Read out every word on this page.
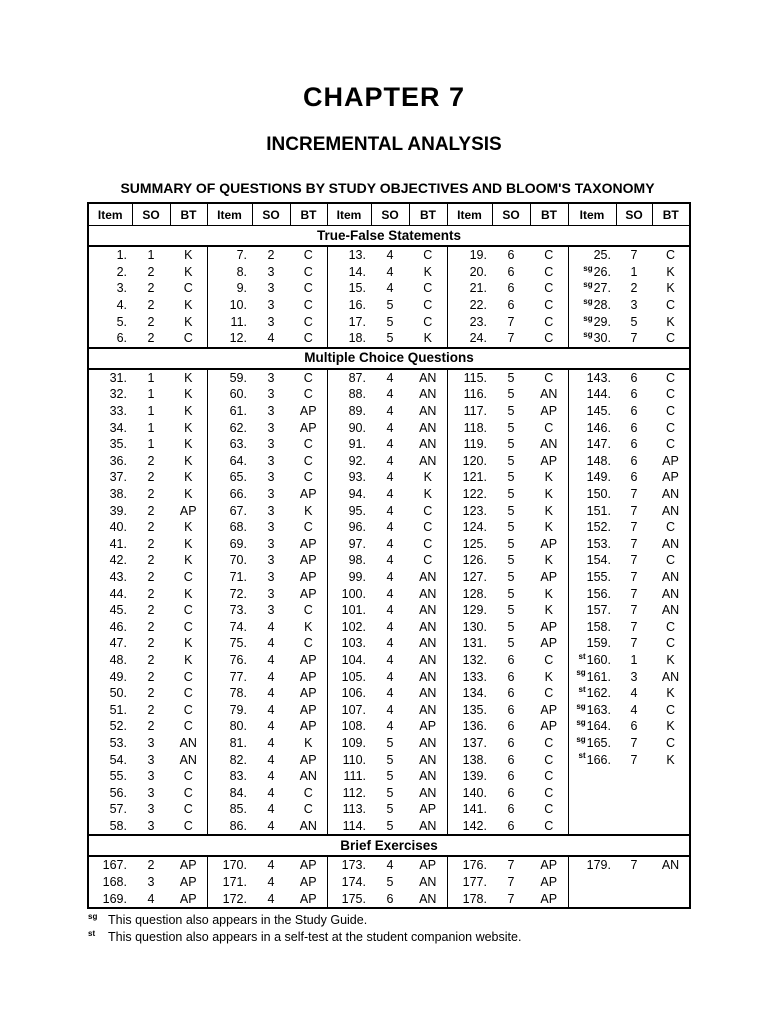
CHAPTER 7
INCREMENTAL ANALYSIS
SUMMARY OF QUESTIONS BY STUDY OBJECTIVES AND BLOOM'S TAXONOMY
Item	SO	BT	Item	SO	BT	Item	SO	BT	Item	SO	BT	Item	SO	BT
True-False Statements														
1.	1	K	7.	2	C	13.	4	C	19.	6	C	25.	7	C
2.	2	K	8.	3	C	14.	4	K	20.	6	C	$^{sg}$26.	1	K
3.	2	C	9.	3	C	15.	4	C	21.	6	C	$^{sg}$27.	2	K
4.	2	K	10.	3	C	16.	5	C	22.	6	C	$^{sg}$28.	3	C
5.	2	K	11.	3	C	17.	5	C	23.	7	C	$^{sg}$29.	5	K
6.	2	C	12.	4	C	18.	5	K	24.	7	C	$^{sg}$30.	7	C
Multiple Choice Questions														
31.	1	K	59.	3	C	87.	4	AN	115.	5	C	143.	6	C
32.	1	K	60.	3	C	88.	4	AN	116.	5	AN	144.	6	C
33.	1	K	61.	3	AP	89.	4	AN	117.	5	AP	145.	6	C
34.	1	K	62.	3	AP	90.	4	AN	118.	5	C	146.	6	C
35.	1	K	63.	3	C	91.	4	AN	119.	5	AN	147.	6	C
36.	2	K	64.	3	C	92.	4	AN	120.	5	AP	148.	6	AP
37.	2	K	65.	3	C	93.	4	K	121.	5	K	149.	6	AP
38.	2	K	66.	3	AP	94.	4	K	122.	5	K	150.	7	AN
39.	2	AP	67.	3	K	95.	4	C	123.	5	K	151.	7	AN
40.	2	K	68.	3	C	96.	4	C	124.	5	K	152.	7	C
41.	2	K	69.	3	AP	97.	4	C	125.	5	AP	153.	7	AN
42.	2	K	70.	3	AP	98.	4	C	126.	5	K	154.	7	C
43.	2	C	71.	3	AP	99.	4	AN	127.	5	AP	155.	7	AN
44.	2	K	72.	3	AP	100.	4	AN	128.	5	K	156.	7	AN
45.	2	C	73.	3	C	101.	4	AN	129.	5	K	157.	7	AN
46.	2	C	74.	4	K	102.	4	AN	130.	5	AP	158.	7	C
47.	2	K	75.	4	C	103.	4	AN	131.	5	AP	159.	7	C
48.	2	K	76.	4	AP	104.	4	AN	132.	6	C	$^{st}$160.	1	K
49.	2	C	77.	4	AP	105.	4	AN	133.	6	K	$^{sg}$161.	3	AN
50.	2	C	78.	4	AP	106.	4	AN	134.	6	C	$^{st}$162.	4	K
51.	2	C	79.	4	AP	107.	4	AN	135.	6	AP	$^{sg}$163.	4	C
52.	2	C	80.	4	AP	108.	4	AP	136.	6	AP	$^{sg}$164.	6	K
53.	3	AN	81.	4	K	109.	5	AN	137.	6	C	$^{sg}$165.	7	C
54.	3	AN	82.	4	AP	110.	5	AN	138.	6	C	$^{st}$166.	7	K
55.	3	C	83.	4	AN	111.	5	AN	139.	6	C			
56.	3	C	84.	4	C	112.	5	AN	140.	6	C			
57.	3	C	85.	4	C	113.	5	AP	141.	6	C			
58.	3	C	86.	4	AN	114.	5	AN	142.	6	C			
Brief Exercises														
167.	2	AP	170.	4	AP	173.	4	AP	176.	7	AP	179.	7	AN
168.	3	AP	171.	4	AP	174.	5	AN	177.	7	AP			
169.	4	AP	172.	4	AP	175.	6	AN	178.	7	AP			
sg This question also appears in the Study Guide.
st This question also appears in a self-test at the student companion website.
